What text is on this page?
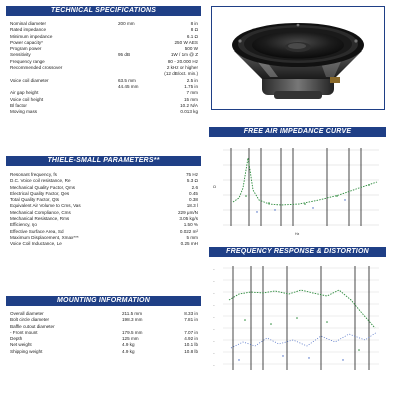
TECHNICAL SPECIFICATIONS
Nominal diameter	200 mm	8 in
Rated impedance	8 Ω
Minimum impedance	6.1 Ω
Power capacity*	250 W AES
Program power	500 W
Sensitivity	95 dB	1W / 1m @ Z
Frequency range	80 - 20.000 Hz
Recommended crossover	2 kHz or higher
(12 dB/oct. min.)
Voice coil diameter	63.5 mm	2.5 in
44.45 mm	1.75 in
Air gap height	7 mm
Voice coil height	15 mm
Bl factor	10.2 N/A
Moving mass	0.013 kg
THIELE-SMALL PARAMETERS**
Resonant frequency, fs	75 Hz
D.C. Voice coil resistance, Re	5.3 Ω
Mechanical Quality Factor, Qms	2.6
Electrical Quality Factor, Qes	0.45
Total Quality Factor, Qts	0.38
Equivalent Air Volume to Cms, Vas	18.3 l
Mechanical Compliance, Cms	229 μm/N
Mechanical Resistance, Rms	3.05 kg/s
Efficiency, ηo	1.50 %
Effective Surface Area, Sd	0.022 m²
Maximum Displacement, Xmax***	5 mm
Voice Coil Inductance, Le	0.25 mH
MOUNTING INFORMATION
Overall diameter	211.5 mm	8.33 in
Bolt circle diameter	198.3 mm	7.81 in
Baffle cutout diameter
- Front mount	179.5 mm	7.07 in
Depth	125 mm	4.92 in
Net weight	4.9 kg	10.1 lb
Shipping weight	4.9 kg	10.8 lb
FREE AIR IMPEDANCE CURVE
Ω
Hz
FREQUENCY RESPONSE & DISTORTION
–
–
–
–
–
–
–
–
–
